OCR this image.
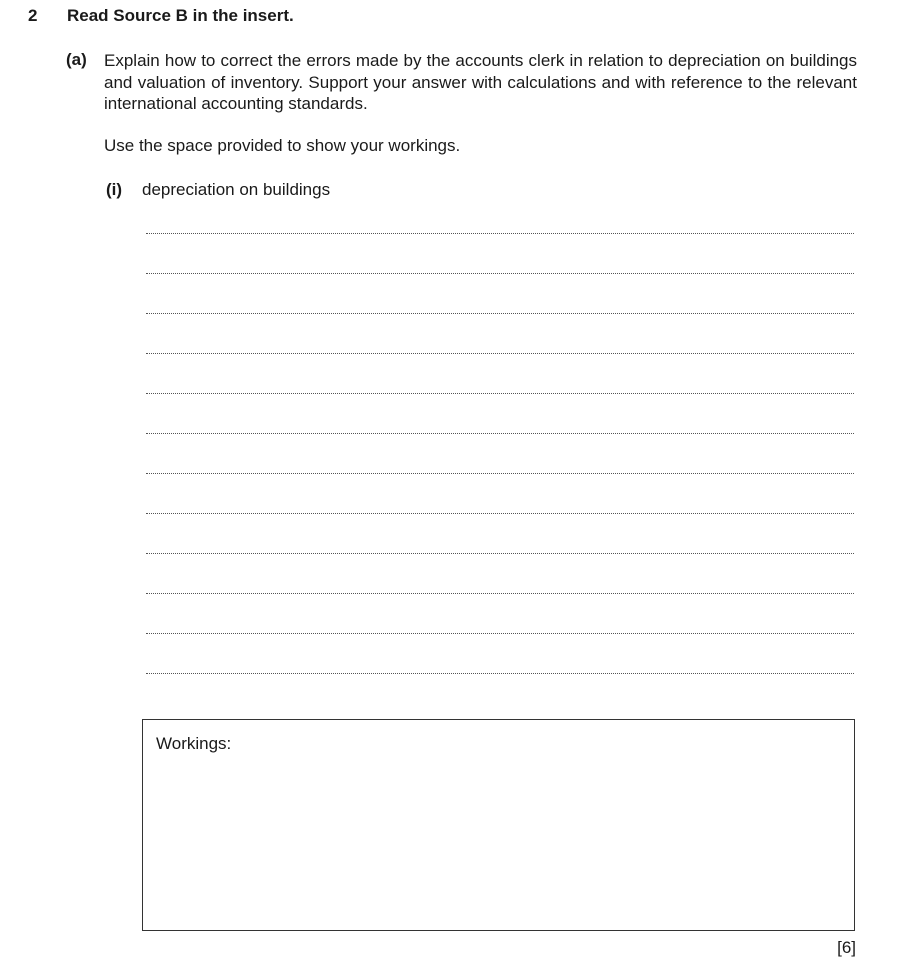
2 Read Source B in the insert.
(a) Explain how to correct the errors made by the accounts clerk in relation to depreciation on buildings and valuation of inventory. Support your answer with calculations and with reference to the relevant international accounting standards.
Use the space provided to show your workings.
(i) depreciation on buildings
Workings:
[6]
